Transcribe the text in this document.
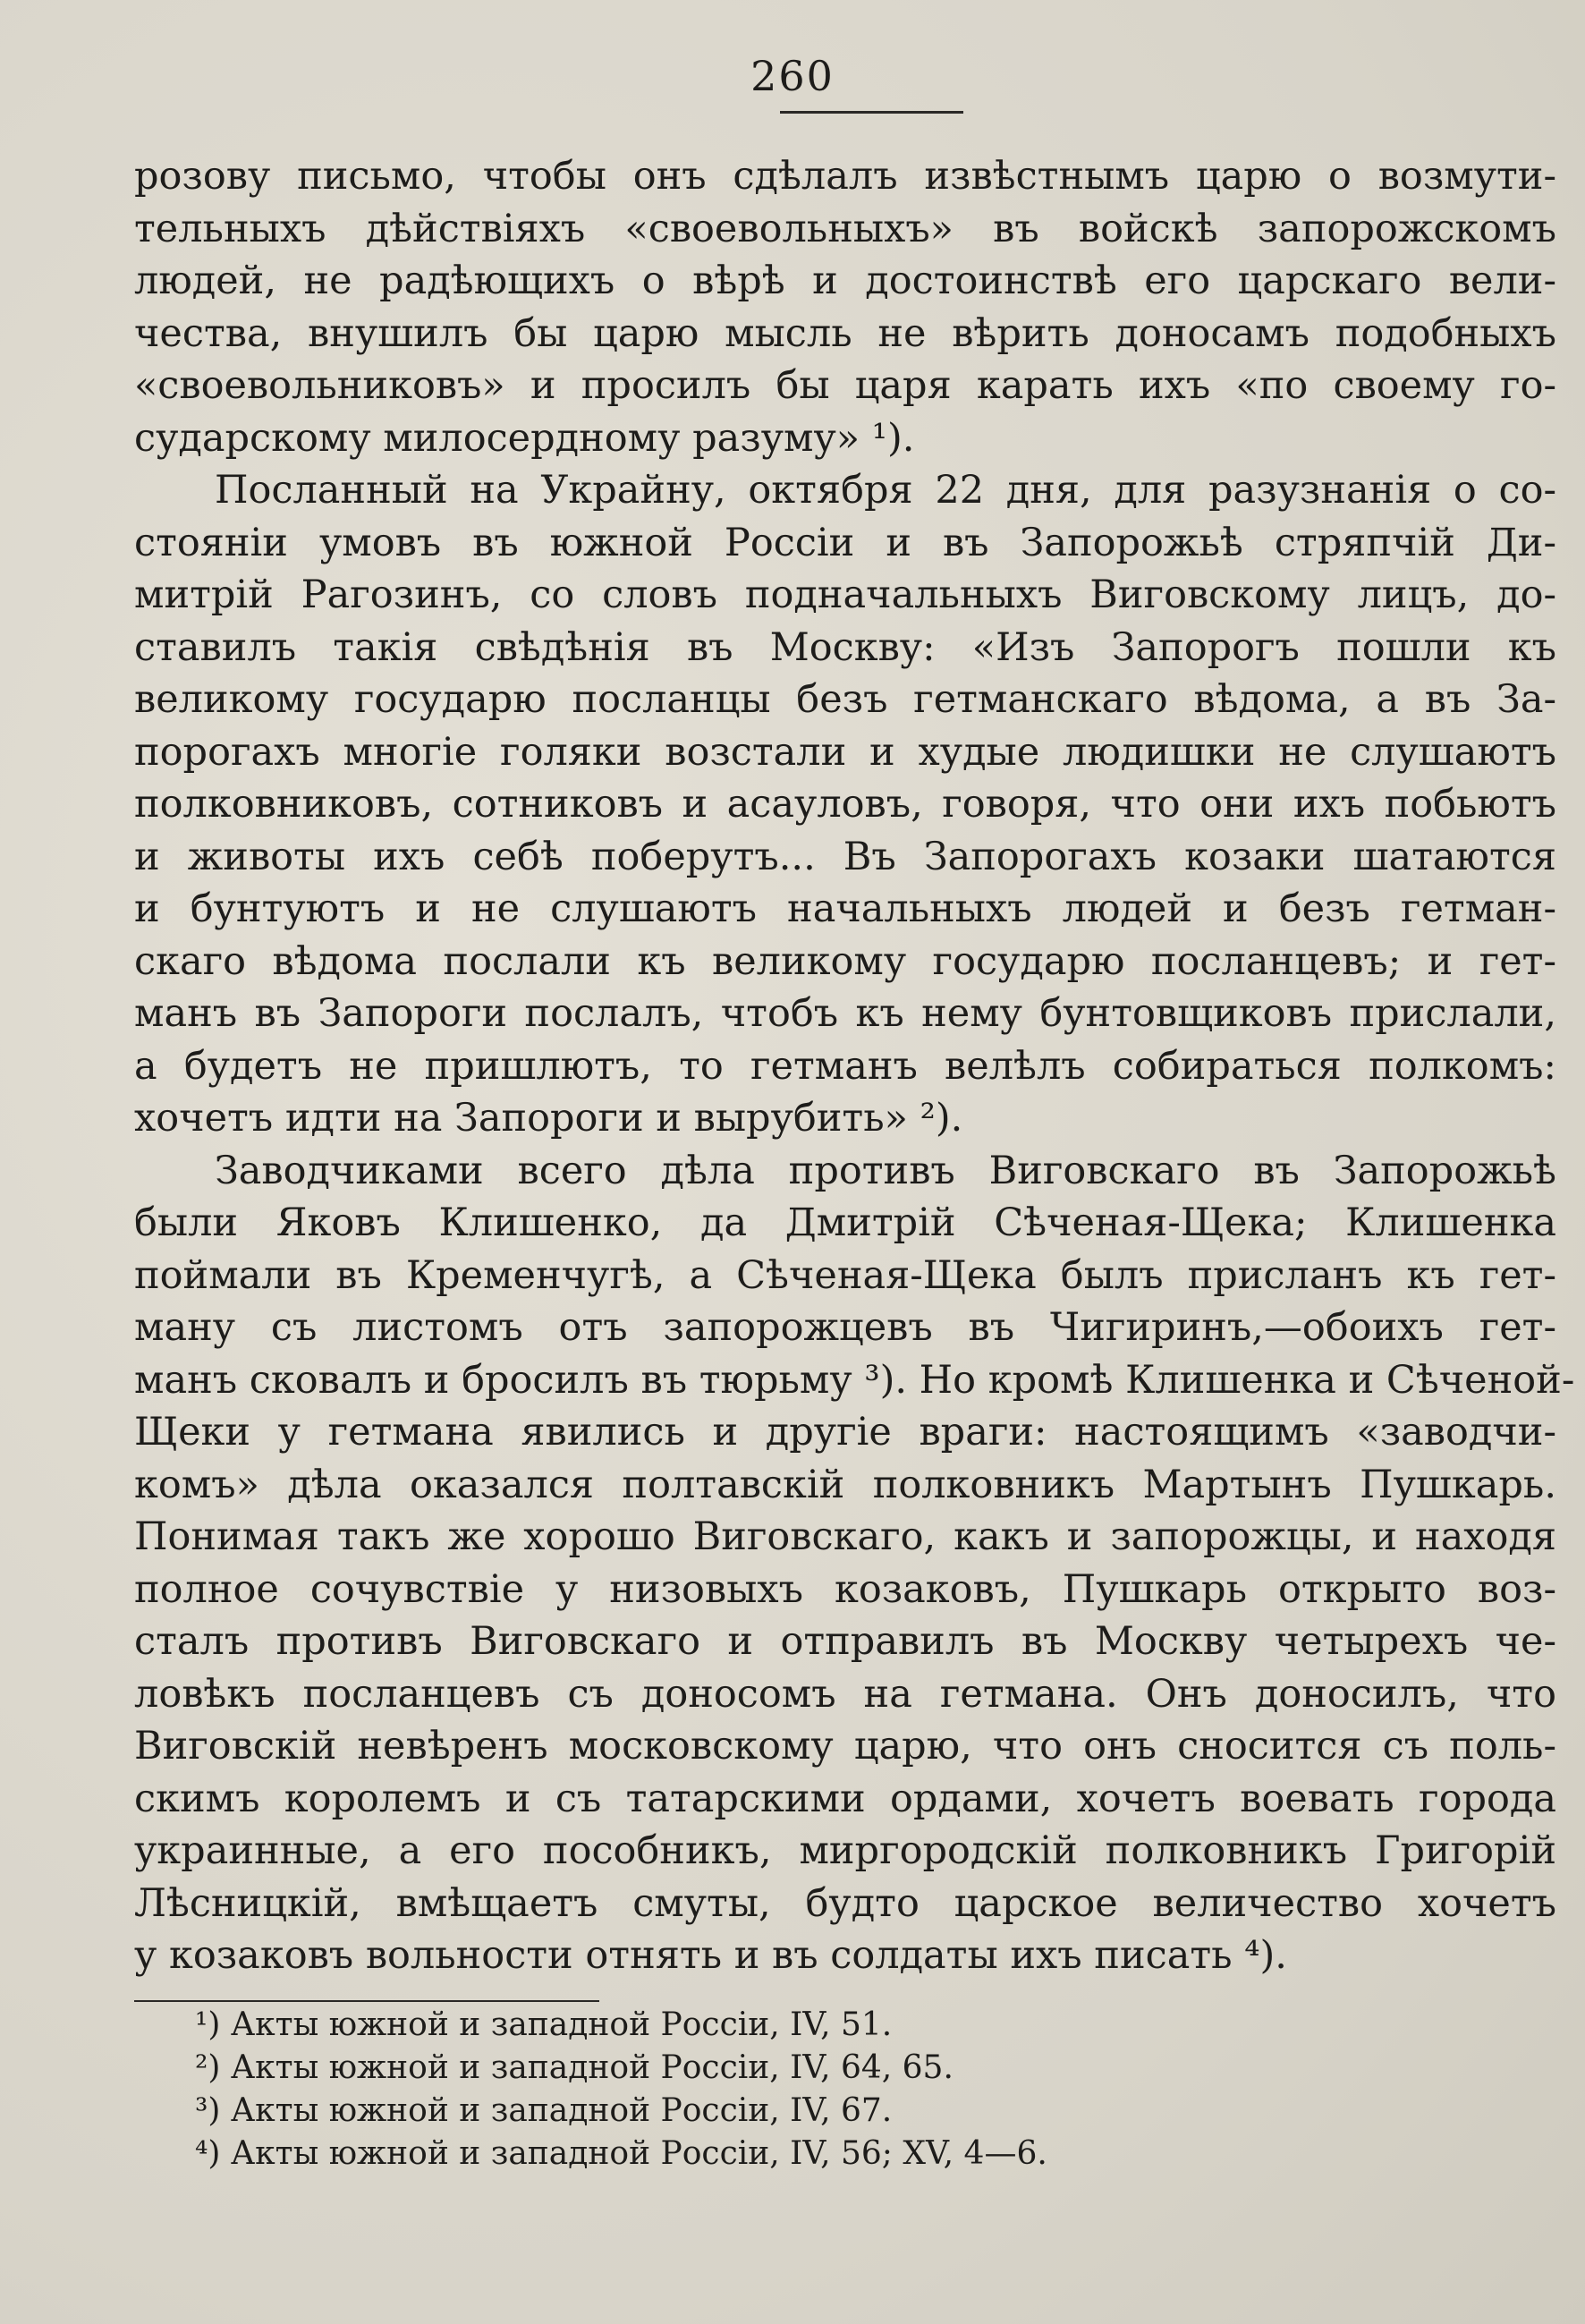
260
розову письмо, чтобы онъ сдѣлалъ извѣстнымъ царю о возмути-
тельныхъ дѣйствіяхъ «своевольныхъ» въ войскѣ запорожскомъ
людей, не радѣющихъ о вѣрѣ и достоинствѣ его царскаго вели-
чества, внушилъ бы царю мысль не вѣрить доносамъ подобныхъ
«своевольниковъ» и просилъ бы царя карать ихъ «по своему го-
сударскому милосердному разуму» ¹).
Посланный на Украйну, октября 22 дня, для разузнанія о со-
стояніи умовъ въ южной Россіи и въ Запорожьѣ стряпчій Ди-
митрій Рагозинъ, со словъ подначальныхъ Виговскому лицъ, до-
ставилъ такія свѣдѣнія въ Москву: «Изъ Запорогъ пошли къ
великому государю посланцы безъ гетманскаго вѣдома, а въ За-
порогахъ многіе голяки возстали и худые людишки не слушаютъ
полковниковъ, сотниковъ и асауловъ, говоря, что они ихъ побьютъ
и животы ихъ себѣ поберутъ... Въ Запорогахъ козаки шатаются
и бунтуютъ и не слушаютъ начальныхъ людей и безъ гетман-
скаго вѣдома послали къ великому государю посланцевъ; и гет-
манъ въ Запороги послалъ, чтобъ къ нему бунтовщиковъ прислали,
а будетъ не пришлютъ, то гетманъ велѣлъ собираться полкомъ:
хочетъ идти на Запороги и вырубить» ²).
Заводчиками всего дѣла противъ Виговскаго въ Запорожьѣ
были Яковъ Клишенко, да Дмитрій Сѣченая-Щека; Клишенка
поймали въ Кременчугѣ, а Сѣченая-Щека былъ присланъ къ гет-
ману съ листомъ отъ запорожцевъ въ Чигиринъ,—обоихъ гет-
манъ сковалъ и бросилъ въ тюрьму ³). Но кромѣ Клишенка и Сѣченой-
Щеки у гетмана явились и другіе враги: настоящимъ «заводчи-
комъ» дѣла оказался полтавскій полковникъ Мартынъ Пушкарь.
Понимая такъ же хорошо Виговскаго, какъ и запорожцы, и находя
полное сочувствіе у низовыхъ козаковъ, Пушкарь открыто воз-
сталъ противъ Виговскаго и отправилъ въ Москву четырехъ че-
ловѣкъ посланцевъ съ доносомъ на гетмана. Онъ доносилъ, что
Виговскій невѣренъ московскому царю, что онъ сносится съ поль-
скимъ королемъ и съ татарскими ордами, хочетъ воевать города
украинные, а его пособникъ, миргородскій полковникъ Григорій
Лѣсницкій, вмѣщаетъ смуты, будто царское величество хочетъ
у козаковъ вольности отнять и въ солдаты ихъ писать ⁴).
¹) Акты южной и западной Россіи, IV, 51.
²) Акты южной и западной Россіи, IV, 64, 65.
³) Акты южной и западной Россіи, IV, 67.
⁴) Акты южной и западной Россіи, IV, 56; XV, 4—6.
